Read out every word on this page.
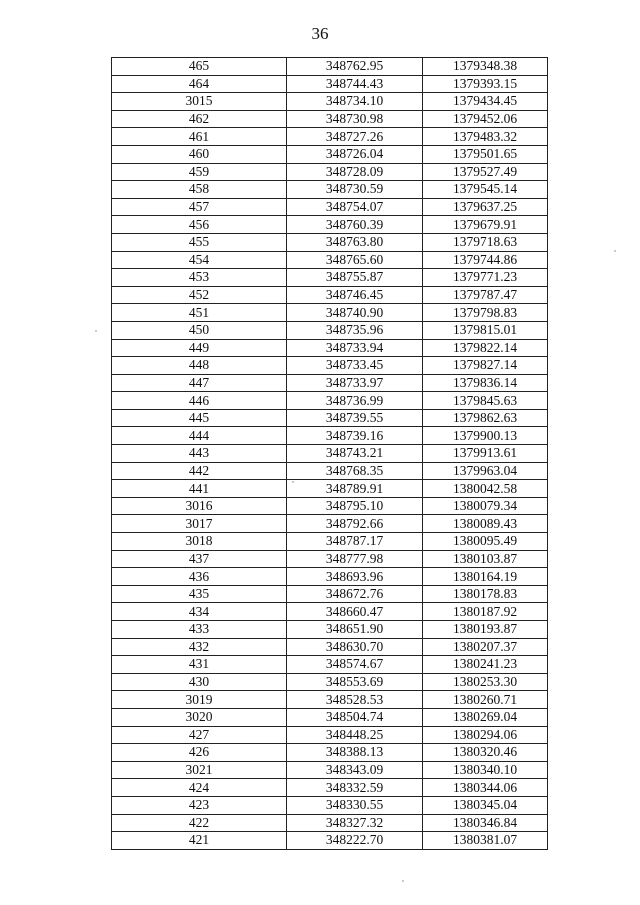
36
465	348762.95	1379348.38
464	348744.43	1379393.15
3015	348734.10	1379434.45
462	348730.98	1379452.06
461	348727.26	1379483.32
460	348726.04	1379501.65
459	348728.09	1379527.49
458	348730.59	1379545.14
457	348754.07	1379637.25
456	348760.39	1379679.91
455	348763.80	1379718.63
454	348765.60	1379744.86
453	348755.87	1379771.23
452	348746.45	1379787.47
451	348740.90	1379798.83
450	348735.96	1379815.01
449	348733.94	1379822.14
448	348733.45	1379827.14
447	348733.97	1379836.14
446	348736.99	1379845.63
445	348739.55	1379862.63
444	348739.16	1379900.13
443	348743.21	1379913.61
442	348768.35	1379963.04
441	348789.91	1380042.58
3016	348795.10	1380079.34
3017	348792.66	1380089.43
3018	348787.17	1380095.49
437	348777.98	1380103.87
436	348693.96	1380164.19
435	348672.76	1380178.83
434	348660.47	1380187.92
433	348651.90	1380193.87
432	348630.70	1380207.37
431	348574.67	1380241.23
430	348553.69	1380253.30
3019	348528.53	1380260.71
3020	348504.74	1380269.04
427	348448.25	1380294.06
426	348388.13	1380320.46
3021	348343.09	1380340.10
424	348332.59	1380344.06
423	348330.55	1380345.04
422	348327.32	1380346.84
421	348222.70	1380381.07
